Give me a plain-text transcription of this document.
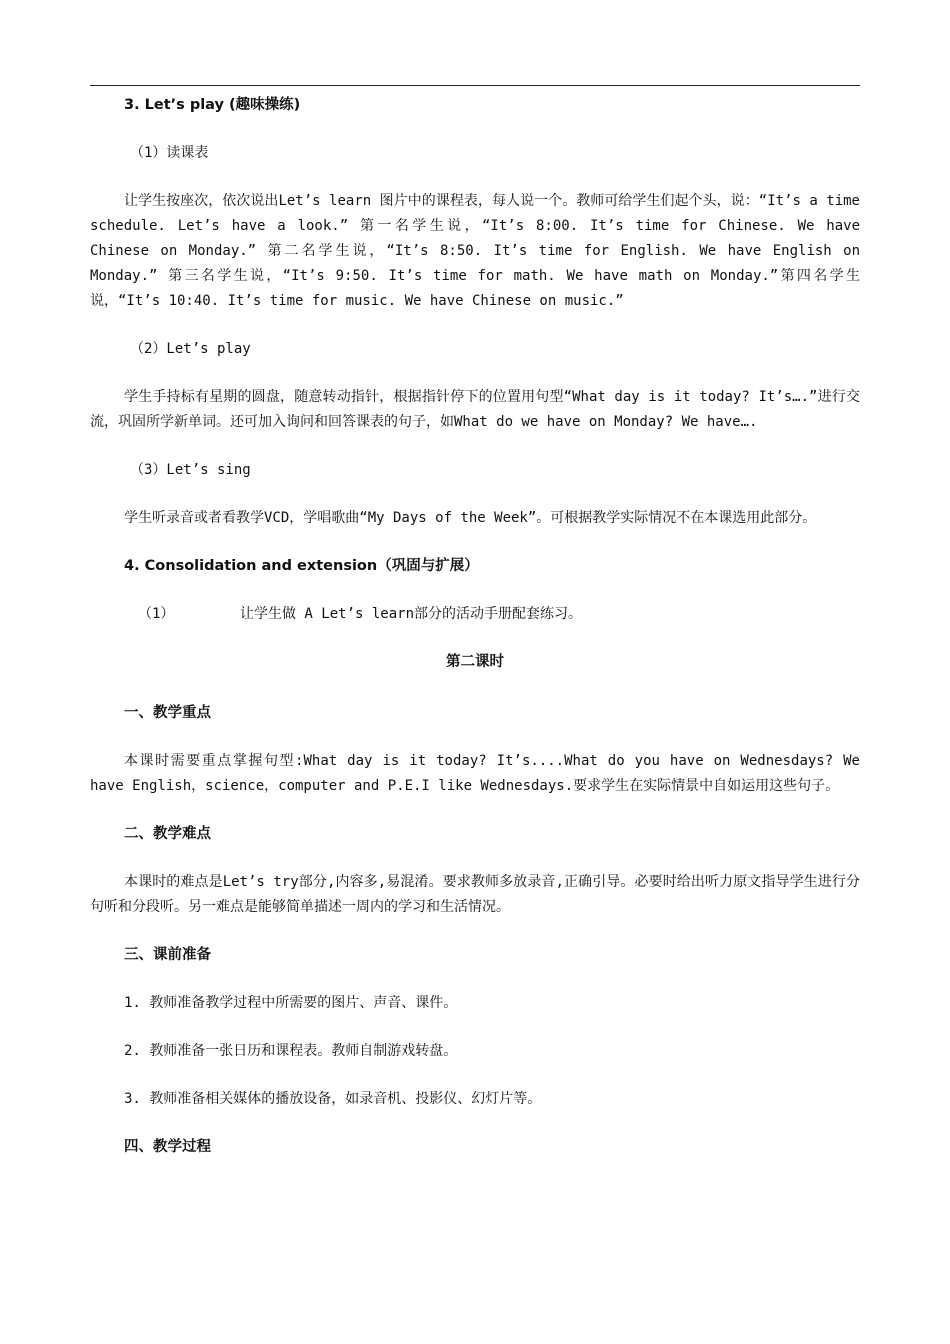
3. Let’s play (趣味操练)

（1）读课表

让学生按座次，依次说出Let’s learn 图片中的课程表，每人说一个。教师可给学生们起个头，说：“It’s a time schedule. Let’s have a look.” 第一名学生说，“It’s 8:00. It’s time for Chinese. We have Chinese on Monday.” 第二名学生说，“It’s 8:50. It’s time for English. We have English on Monday.” 第三名学生说，“It’s 9:50. It’s time for math. We have math on Monday.”第四名学生说，“It’s 10:40. It’s time for music. We have Chinese on music.”

（2）Let’s play

学生手持标有星期的圆盘，随意转动指针，根据指针停下的位置用句型“What day is it today? It’s….”进行交流，巩固所学新单词。还可加入询问和回答课表的句子，如What do we have on Monday? We have….

（3）Let’s sing

学生听录音或者看教学VCD，学唱歌曲“My Days of the Week”。可根据教学实际情况不在本课选用此部分。

4. Consolidation and extension（巩固与扩展）

（1）	让学生做 A Let’s learn部分的活动手册配套练习。

第二课时

一、教学重点

本课时需要重点掌握句型:What day is it today? It’s....What do you have on Wednesdays? We have English，science，computer and P.E.I like Wednesdays.要求学生在实际情景中自如运用这些句子。

二、教学难点

本课时的难点是Let’s try部分,内容多,易混淆。要求教师多放录音,正确引导。必要时给出听力原文指导学生进行分句听和分段听。另一难点是能够简单描述一周内的学习和生活情况。

三、课前准备

1. 教师准备教学过程中所需要的图片、声音、课件。

2. 教师准备一张日历和课程表。教师自制游戏转盘。

3. 教师准备相关媒体的播放设备，如录音机、投影仪、幻灯片等。

四、教学过程
